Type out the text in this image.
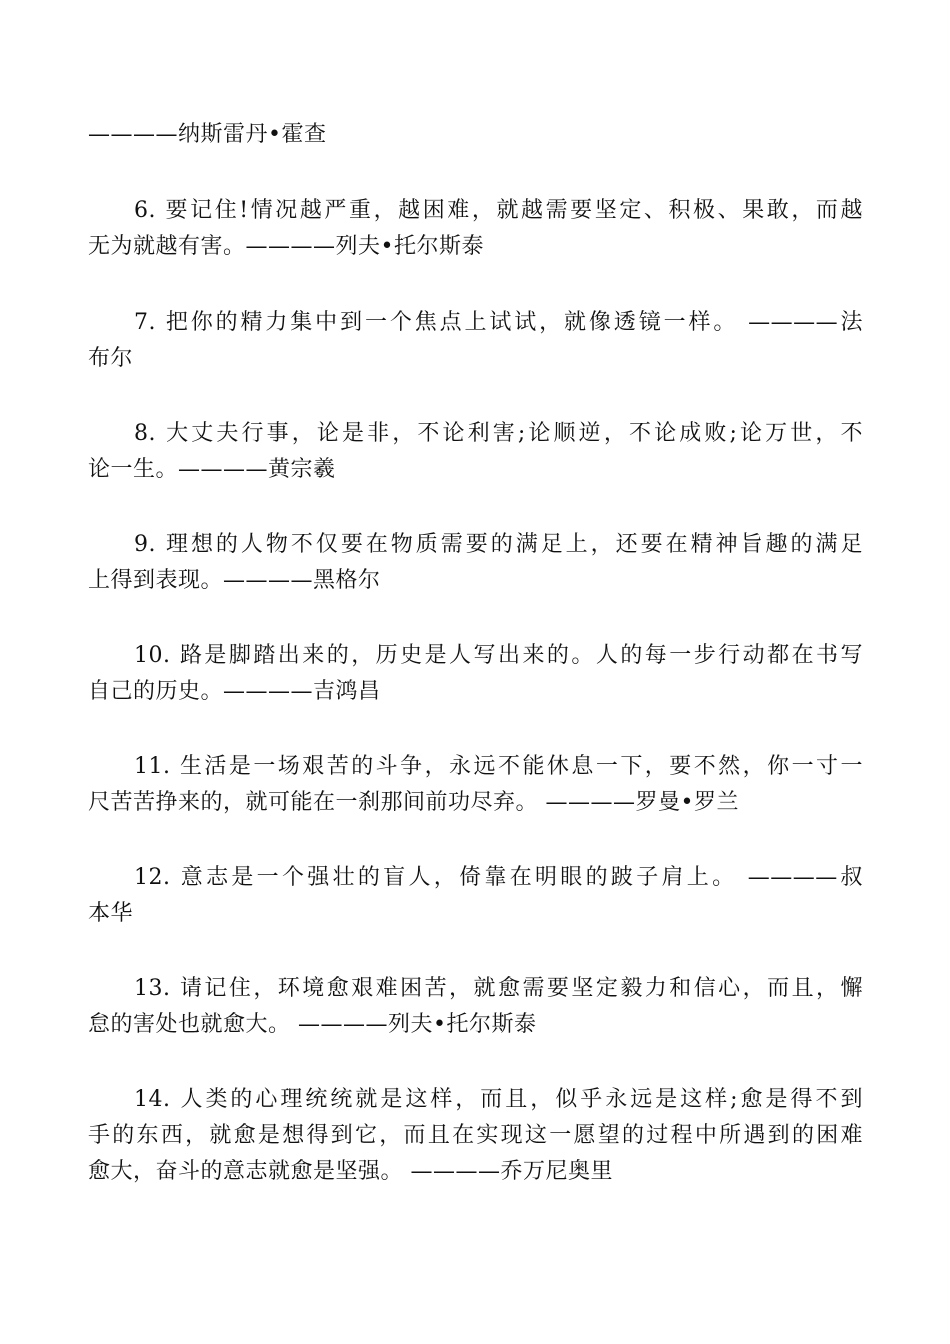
————纳斯雷丹•霍查
6. 要记住!情况越严重，越困难，就越需要坚定、积极、果敢，而越
无为就越有害。————列夫•托尔斯泰
7. 把你的精力集中到一个焦点上试试，就像透镜一样。 ————法
布尔
8. 大丈夫行事，论是非，不论利害;论顺逆，不论成败;论万世，不
论一生。————黄宗羲
9. 理想的人物不仅要在物质需要的满足上，还要在精神旨趣的满足
上得到表现。————黑格尔
10. 路是脚踏出来的，历史是人写出来的。人的每一步行动都在书写
自己的历史。————吉鸿昌
11. 生活是一场艰苦的斗争，永远不能休息一下，要不然，你一寸一
尺苦苦挣来的，就可能在一刹那间前功尽弃。 ————罗曼•罗兰
12. 意志是一个强壮的盲人，倚靠在明眼的跛子肩上。 ————叔
本华
13. 请记住，环境愈艰难困苦，就愈需要坚定毅力和信心，而且，懈
怠的害处也就愈大。 ————列夫•托尔斯泰
14. 人类的心理统统就是这样，而且，似乎永远是这样;愈是得不到
手的东西，就愈是想得到它，而且在实现这一愿望的过程中所遇到的困难
愈大，奋斗的意志就愈是坚强。 ————乔万尼奥里
